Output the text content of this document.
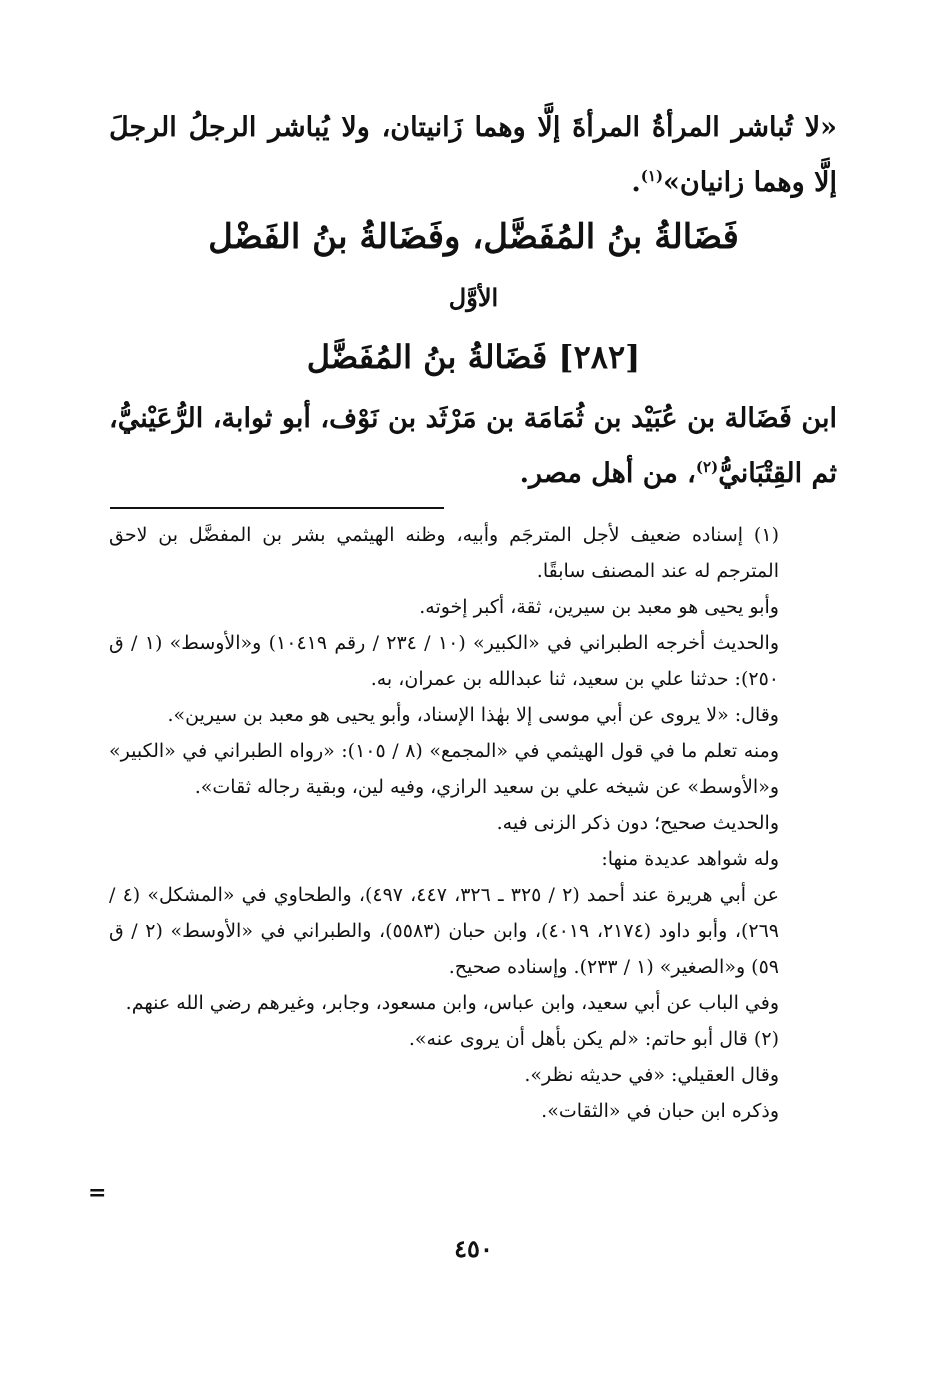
«لا تُباشر المرأةُ المرأةَ إلَّا وهما زَانيتان، ولا يُباشر الرجلُ الرجلَ إلَّا وهما زانيان»$^{(١)}$.
فَضَالةُ بنُ المُفَضَّل، وفَضَالةُ بنُ الفَضْل
الأوَّل
[٢٨٢] فَضَالةُ بنُ المُفَضَّل
ابن فَضَالة بن عُبَيْد بن ثُمَامَة بن مَرْثَد بن نَوْف، أبو ثوابة، الرُّعَيْنيُّ، ثم القِتْبَانيُّ$^{(٢)}$، من أهل مصر.
(١) إسناده ضعيف لأجل المترجَم وأبيه، وظنه الهيثمي بشر بن المفضَّل بن لاحق المترجم له عند المصنف سابقًا.
وأبو يحيى هو معبد بن سيرين، ثقة، أكبر إخوته.
والحديث أخرجه الطبراني في «الكبير» (١٠ / ٢٣٤ / رقم ١٠٤١٩) و«الأوسط» (١ / ق ٢٥٠): حدثنا علي بن سعيد، ثنا عبدالله بن عمران، به.
وقال: «لا يروى عن أبي موسى إلا بهٰذا الإسناد، وأبو يحيى هو معبد بن سيرين».
ومنه تعلم ما في قول الهيثمي في «المجمع» (٨ / ١٠٥): «رواه الطبراني في «الكبير» و«الأوسط» عن شيخه علي بن سعيد الرازي، وفيه لين، وبقية رجاله ثقات».
والحديث صحيح؛ دون ذكر الزنى فيه.
وله شواهد عديدة منها:
عن أبي هريرة عند أحمد (٢ / ٣٢٥ ـ ٣٢٦، ٤٤٧، ٤٩٧)، والطحاوي في «المشكل» (٤ / ٢٦٩)، وأبو داود (٢١٧٤، ٤٠١٩)، وابن حبان (٥٥٨٣)، والطبراني في «الأوسط» (٢ / ق ٥٩) و«الصغير» (١ / ٢٣٣). وإسناده صحيح.
وفي الباب عن أبي سعيد، وابن عباس، وابن مسعود، وجابر، وغيرهم رضي الله عنهم.
(٢) قال أبو حاتم: «لم يكن بأهل أن يروى عنه».
وقال العقيلي: «في حديثه نظر».
وذكره ابن حبان في «الثقات».
=
٤٥٠
